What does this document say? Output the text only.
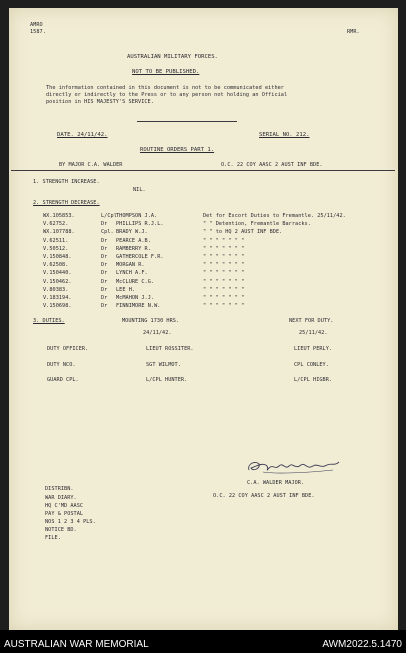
AMRO
1587.	RMR.
AUSTRALIAN MILITARY FORCES.
NOT TO BE PUBLISHED.
The information contained in this document is not to be communicated either
directly or indirectly to the Press or to any person not holding an Official
position in HIS MAJESTY'S SERVICE.
DATE. 24/11/42.	SERIAL NO. 212.
ROUTINE ORDERS PART 1.
BY MAJOR C.A. WALDER	O.C. 22 COY AASC 2 AUST INF BDE.
1. STRENGTH INCREASE.
NIL.
2. STRENGTH DECREASE.
WX.105853.	L/Cpl THOMPSON J.A.	Det for Escort Duties to Fremantle. 25/11/42.
V.62752.	Dr PHILLIPS R.J.L.	" " Detention, Fremantle Barracks.
WX.107788.	Cpl. BRADY W.J.	" " to HQ 2 AUST INF BDE.
V.62511.	Dr PEARCE A.B.	" " " " " " "
V.50512.	Dr RAMBERRY R.	" " " " " " "
V.150848.	Dr GATHERCOLE F.R.	" " " " " " "
V.62508.	Dr MORGAN R.	" " " " " " "
V.150440.	Dr LYNCH A.F.	" " " " " " "
V.150462.	Dr McCLURE C.G.	" " " " " " "
V.80383.	Dr LEE H.	" " " " " " "
V.183194.	Dr McMAHON J.J.	" " " " " " "
V.150698.	Dr FINNIMORE N.W.	" " " " " " "
3. DUTIES.	MOUNTING 1730 HRS.
24/11/42.
NEXT FOR DUTY.
25/11/42.
DUTY OFFICER.	LIEUT ROSSITER.	LIEUT PERLY.
DUTY NCO.	SGT WILMOT.	CPL CONLEY.
GUARD CPL.	L/CPL HUNTER.	L/CPL HIGBR.
C.A. WALDER MAJOR.
O.C. 22 COY AASC 2 AUST INF BDE.
DISTRIBN.
WAR DIARY.
HQ C'MD AASC
PAY & POSTAL
NOS 1 2 3 4 PLS.
NOTICE BD.
FILE.
AUSTRALIAN WAR MEMORIAL	AWM2022.5.1470
